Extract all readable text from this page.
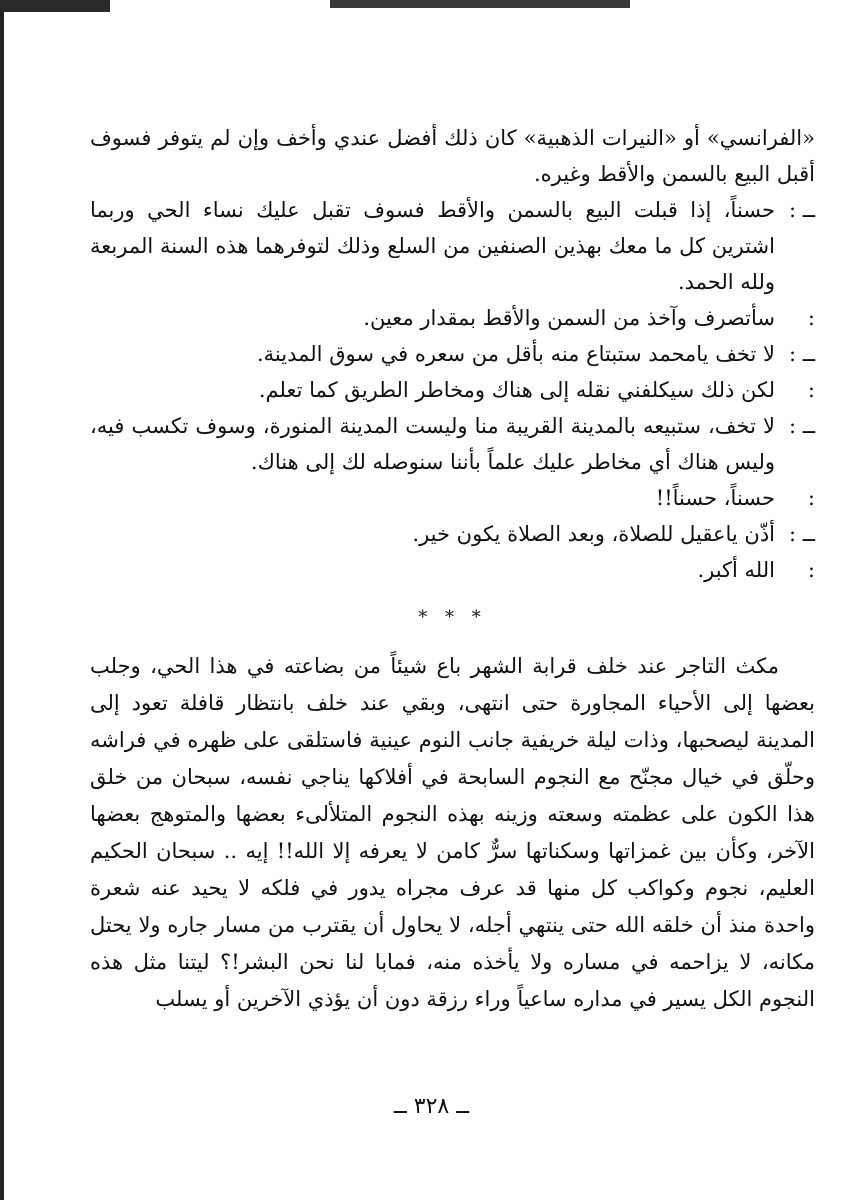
«الفرانسي» أو «النيرات الذهبية» كان ذلك أفضل عندي وأخف وإن لم يتوفر فسوف أقبل البيع بالسمن والأقط وغيره.

ــ :
حسناً، إذا قبلت البيع بالسمن والأقط فسوف تقبل عليك نساء الحي وربما اشترين كل ما معك بهذين الصنفين من السلع وذلك لتوفرهما هذه السنة المربعة ولله الحمد.
:
سأتصرف وآخذ من السمن والأقط بمقدار معين.
ــ :
لا تخف يامحمد ستبتاع منه بأقل من سعره في سوق المدينة.
:
لكن ذلك سيكلفني نقله إلى هناك ومخاطر الطريق كما تعلم.
ــ :
لا تخف، ستبيعه بالمدينة القريبة منا وليست المدينة المنورة، وسوف تكسب فيه، وليس هناك أي مخاطر عليك علماً بأننا سنوصله لك إلى هناك.
:
حسناً، حسناً!!
ــ :
أذّن ياعقيل للصلاة، وبعد الصلاة يكون خير.
:
الله أكبر.
* * *

مكث التاجر عند خلف قرابة الشهر باع شيئاً من بضاعته في هذا الحي، وجلب بعضها إلى الأحياء المجاورة حتى انتهى، وبقي عند خلف بانتظار قافلة تعود إلى المدينة ليصحبها، وذات ليلة خريفية جانب النوم عينية فاستلقى على ظهره في فراشه وحلّق في خيال مجنّح مع النجوم السابحة في أفلاكها يناجي نفسه، سبحان من خلق هذا الكون على عظمته وسعته وزينه بهذه النجوم المتلألىء بعضها والمتوهج بعضها الآخر، وكأن بين غمزاتها وسكناتها سرٌّ كامن لا يعرفه إلا الله!! إيه .. سبحان الحكيم العليم، نجوم وكواكب كل منها قد عرف مجراه يدور في فلكه لا يحيد عنه شعرة واحدة منذ أن خلقه الله حتى ينتهي أجله، لا يحاول أن يقترب من مسار جاره ولا يحتل مكانه، لا يزاحمه في مساره ولا يأخذه منه، فمابا لنا نحن البشر!؟ ليتنا مثل هذه النجوم الكل يسير في مداره ساعياً وراء رزقة دون أن يؤذي الآخرين أو يسلب

ــ ٣٢٨ ــ
